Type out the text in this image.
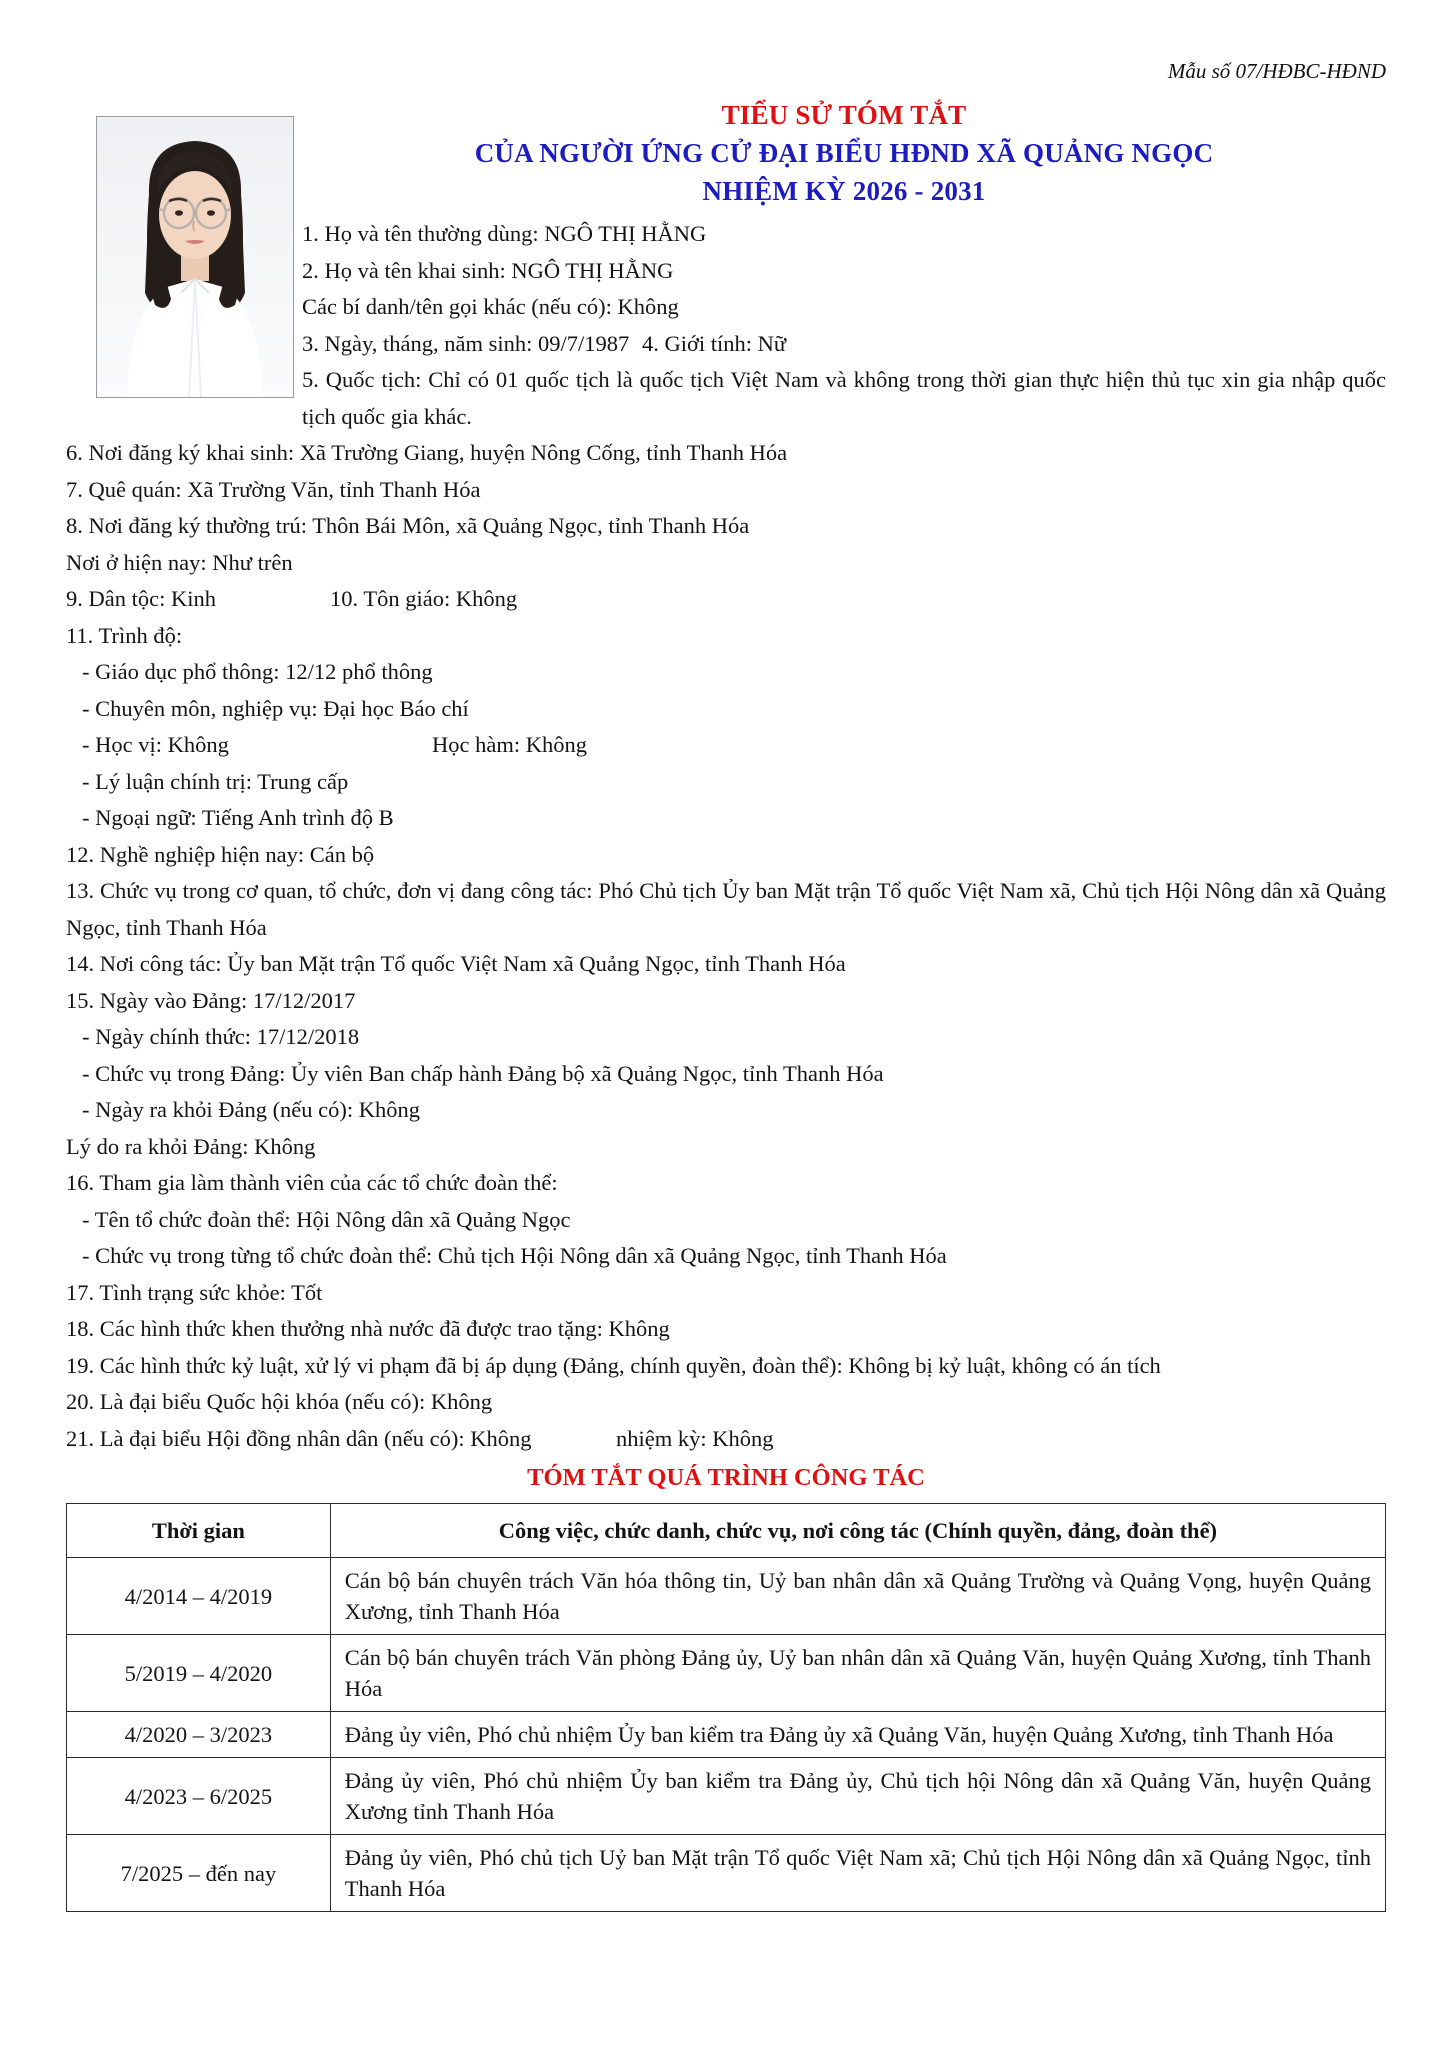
Mẫu số 07/HĐBC-HĐND
TIỂU SỬ TÓM TẮT
CỦA NGƯỜI ỨNG CỬ ĐẠI BIỂU HĐND XÃ QUẢNG NGỌC
NHIỆM KỲ 2026 - 2031

1. Họ và tên thường dùng: NGÔ THỊ HẰNG

2. Họ và tên khai sinh: NGÔ THỊ HẰNG

Các bí danh/tên gọi khác (nếu có): Không

3. Ngày, tháng, năm sinh: 09/7/1987 4. Giới tính: Nữ

5. Quốc tịch: Chỉ có 01 quốc tịch là quốc tịch Việt Nam và không trong thời gian thực hiện thủ tục xin gia nhập quốc tịch quốc gia khác.

6. Nơi đăng ký khai sinh: Xã Trường Giang, huyện Nông Cống, tỉnh Thanh Hóa

7. Quê quán: Xã Trường Văn, tỉnh Thanh Hóa

8. Nơi đăng ký thường trú: Thôn Bái Môn, xã Quảng Ngọc, tỉnh Thanh Hóa

Nơi ở hiện nay: Như trên

9. Dân tộc: Kinh	10. Tôn giáo: Không

11. Trình độ:

- Giáo dục phổ thông: 12/12 phổ thông

- Chuyên môn, nghiệp vụ: Đại học Báo chí

- Học vị: Không	Học hàm: Không

- Lý luận chính trị: Trung cấp

- Ngoại ngữ: Tiếng Anh trình độ B

12. Nghề nghiệp hiện nay: Cán bộ

13. Chức vụ trong cơ quan, tổ chức, đơn vị đang công tác: Phó Chủ tịch Ủy ban Mặt trận Tổ quốc Việt Nam xã, Chủ tịch Hội Nông dân xã Quảng Ngọc, tỉnh Thanh Hóa

14. Nơi công tác: Ủy ban Mặt trận Tổ quốc Việt Nam xã Quảng Ngọc, tỉnh Thanh Hóa

15. Ngày vào Đảng: 17/12/2017

- Ngày chính thức: 17/12/2018

- Chức vụ trong Đảng: Ủy viên Ban chấp hành Đảng bộ xã Quảng Ngọc, tỉnh Thanh Hóa

- Ngày ra khỏi Đảng (nếu có): Không

Lý do ra khỏi Đảng: Không

16. Tham gia làm thành viên của các tổ chức đoàn thể:

- Tên tổ chức đoàn thể: Hội Nông dân xã Quảng Ngọc

- Chức vụ trong từng tổ chức đoàn thể: Chủ tịch Hội Nông dân xã Quảng Ngọc, tỉnh Thanh Hóa

17. Tình trạng sức khỏe: Tốt

18. Các hình thức khen thưởng nhà nước đã được trao tặng: Không

19. Các hình thức kỷ luật, xử lý vi phạm đã bị áp dụng (Đảng, chính quyền, đoàn thể): Không bị kỷ luật, không có án tích

20. Là đại biểu Quốc hội khóa (nếu có): Không

21. Là đại biểu Hội đồng nhân dân (nếu có): Không	nhiệm kỳ: Không

TÓM TẮT QUÁ TRÌNH CÔNG TÁC
Thời gian	Công việc, chức danh, chức vụ, nơi công tác (Chính quyền, đảng, đoàn thể)
4/2014 – 4/2019	Cán bộ bán chuyên trách Văn hóa thông tin, Uỷ ban nhân dân xã Quảng Trường và Quảng Vọng, huyện Quảng Xương, tỉnh Thanh Hóa
5/2019 – 4/2020	Cán bộ bán chuyên trách Văn phòng Đảng ủy, Uỷ ban nhân dân xã Quảng Văn, huyện Quảng Xương, tỉnh Thanh Hóa
4/2020 – 3/2023	Đảng ủy viên, Phó chủ nhiệm Ủy ban kiểm tra Đảng ủy xã Quảng Văn, huyện Quảng Xương, tỉnh Thanh Hóa
4/2023 – 6/2025	Đảng ủy viên, Phó chủ nhiệm Ủy ban kiểm tra Đảng ủy, Chủ tịch hội Nông dân xã Quảng Văn, huyện Quảng Xương tỉnh Thanh Hóa
7/2025 – đến nay	Đảng ủy viên, Phó chủ tịch Uỷ ban Mặt trận Tổ quốc Việt Nam xã; Chủ tịch Hội Nông dân xã Quảng Ngọc, tỉnh Thanh Hóa
